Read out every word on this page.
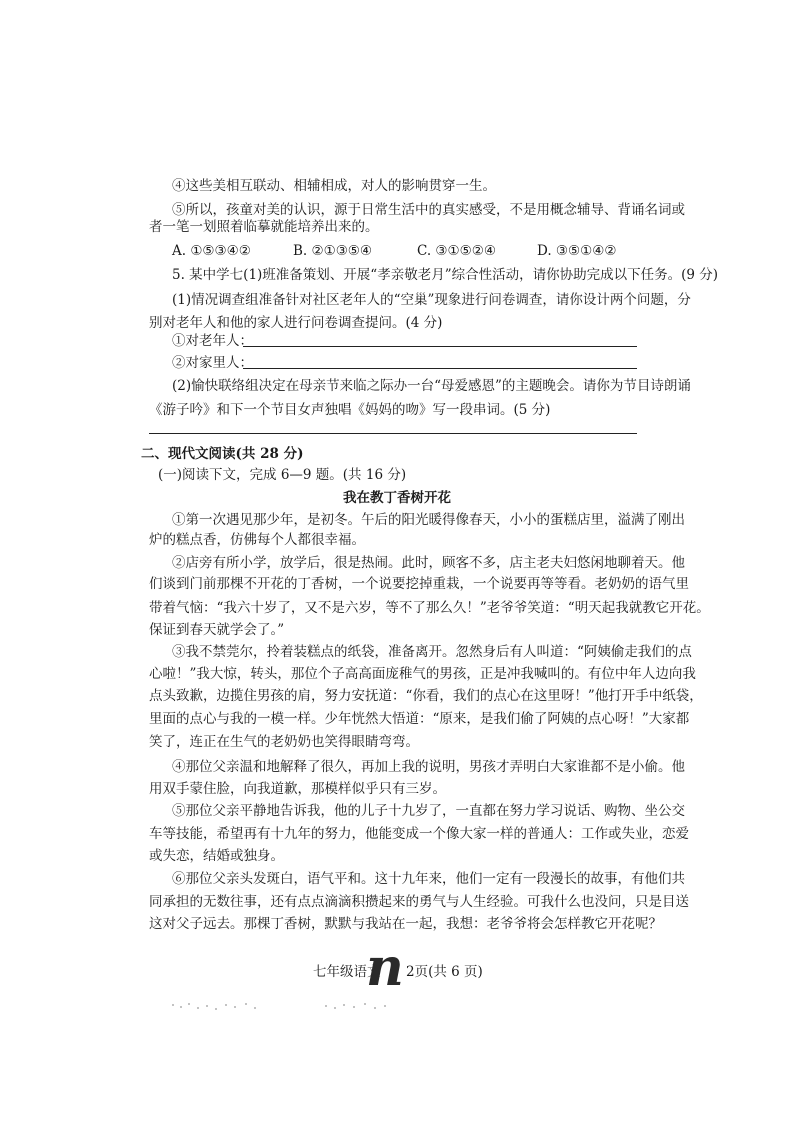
④这些美相互联动、相辅相成，对人的影响贯穿一生。
⑤所以，孩童对美的认识，源于日常生活中的真实感受，不是用概念辅导、背诵名词或
者一笔一划照着临摹就能培养出来的。
A. ①⑤③④②	B. ②①③⑤④	C. ③①⑤②④	D. ③⑤①④②
5. 某中学七(1)班准备策划、开展“孝亲敬老月”综合性活动，请你协助完成以下任务。(9 分)
(1)情况调查组准备针对社区老年人的“空巢”现象进行问卷调查，请你设计两个问题，分
别对老年人和他的家人进行问卷调查提问。(4 分)
①对老年人：
②对家里人：
(2)愉快联络组决定在母亲节来临之际办一台“母爱感恩”的主题晚会。请你为节目诗朗诵
《游子吟》和下一个节目女声独唱《妈妈的吻》写一段串词。(5 分)
二、现代文阅读(共 28 分)
(一)阅读下文，完成 6—9 题。(共 16 分)
我在教丁香树开花
①第一次遇见那少年，是初冬。午后的阳光暖得像春天，小小的蛋糕店里，溢满了刚出
炉的糕点香，仿佛每个人都很幸福。
②店旁有所小学，放学后，很是热闹。此时，顾客不多，店主老夫妇悠闲地聊着天。他
们谈到门前那棵不开花的丁香树，一个说要挖掉重栽，一个说要再等等看。老奶奶的语气里
带着气恼：“我六十岁了，又不是六岁，等不了那么久！”老爷爷笑道：“明天起我就教它开花。
保证到春天就学会了。”
③我不禁莞尔，拎着装糕点的纸袋，准备离开。忽然身后有人叫道：“阿姨偷走我们的点
心啦！”我大惊，转头，那位个子高高面庞稚气的男孩，正是冲我喊叫的。有位中年人边向我
点头致歉，边揽住男孩的肩，努力安抚道：“你看，我们的点心在这里呀！”他打开手中纸袋，
里面的点心与我的一模一样。少年恍然大悟道：“原来，是我们偷了阿姨的点心呀！”大家都
笑了，连正在生气的老奶奶也笑得眼睛弯弯。
④那位父亲温和地解释了很久，再加上我的说明，男孩才弄明白大家谁都不是小偷。他
用双手蒙住脸，向我道歉，那模样似乎只有三岁。
⑤那位父亲平静地告诉我，他的儿子十九岁了，一直都在努力学习说话、购物、坐公交
车等技能，希望再有十九年的努力，他能变成一个像大家一样的普通人：工作或失业，恋爱
或失恋，结婚或独身。
⑥那位父亲头发斑白，语气平和。这十九年来，他们一定有一段漫长的故事，有他们共
同承担的无数往事，还有点点滴滴积攒起来的勇气与人生经验。可我什么也没问，只是目送
这对父子远去。那棵丁香树，默默与我站在一起，我想：老爷爷将会怎样教它开花呢？
七年级语文
n 2页(共 6 页)
